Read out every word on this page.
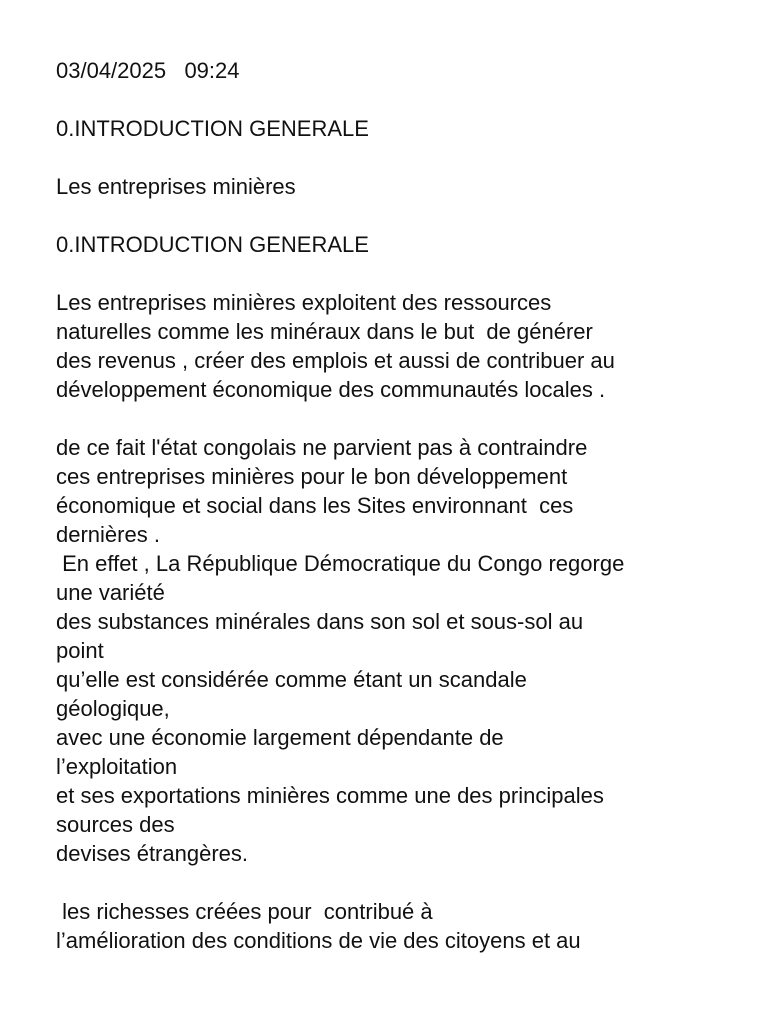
03/04/2025   09:24
0.INTRODUCTION GENERALE
Les entreprises minières
0.INTRODUCTION GENERALE
Les entreprises minières exploitent des ressources
naturelles comme les minéraux dans le but  de générer
des revenus , créer des emplois et aussi de contribuer au
développement économique des communautés locales .
de ce fait l'état congolais ne parvient pas à contraindre
ces entreprises minières pour le bon développement
économique et social dans les Sites environnant  ces
dernières .
En effet , La République Démocratique du Congo regorge
une variété
des substances minérales dans son sol et sous-sol au
point
qu’elle est considérée comme étant un scandale
géologique,
avec une économie largement dépendante de
l’exploitation
et ses exportations minières comme une des principales
sources des
devises étrangères.
les richesses créées pour  contribué à
l’amélioration des conditions de vie des citoyens et au
